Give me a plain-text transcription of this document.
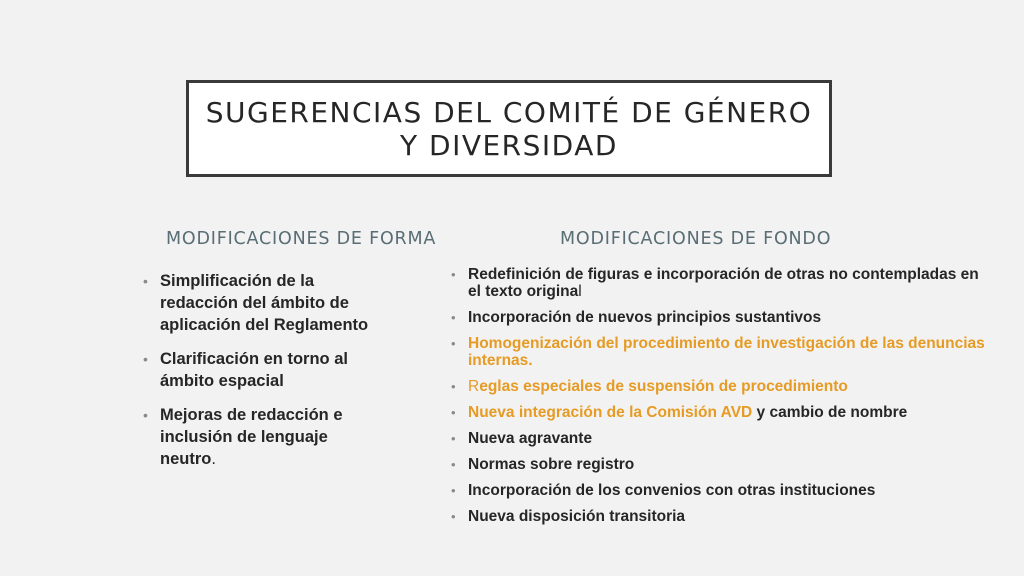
SUGERENCIAS DEL COMITÉ DE GÉNERO
Y DIVERSIDAD
MODIFICACIONES DE FORMA	MODIFICACIONES DE FONDO
• Simplificación de la redacción del ámbito de aplicación del Reglamento
• Clarificación en torno al ámbito espacial
• Mejoras de redacción e inclusión de lenguaje neutro.
• Redefinición de figuras e incorporación de otras no contempladas en el texto original
• Incorporación de nuevos principios sustantivos
• Homogenización del procedimiento de investigación de las denuncias internas.
• Reglas especiales de suspensión de procedimiento
• Nueva integración de la Comisión AVD y cambio de nombre
• Nueva agravante
• Normas sobre registro
• Incorporación de los convenios con otras instituciones
• Nueva disposición transitoria
